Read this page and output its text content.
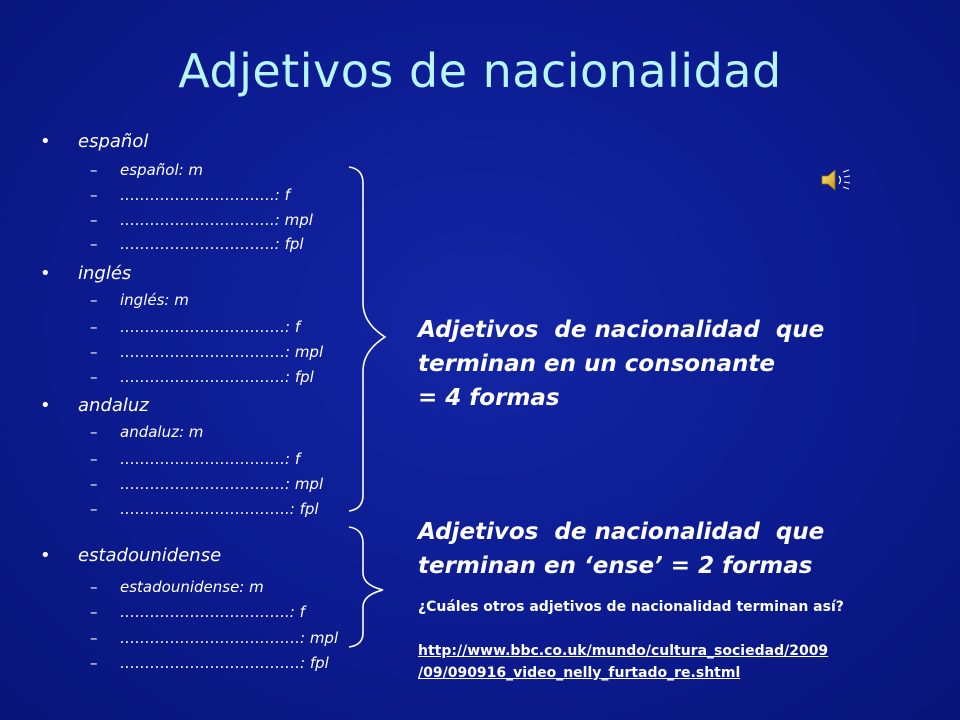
Adjetivos de nacionalidad
• español
– español: m
– ………………………….: f
– ………………………….: mpl
– ………………………….: fpl
• inglés
– inglés: m
– ……………………………: f
– ……………………………: mpl
– ……………………………: fpl
• andaluz
– andaluz: m
– ……………………………: f
– ……………………………: mpl
– …………………………….: fpl
• estadounidense
– estadounidense: m
– …………………………….: f
– ………………………………: mpl
– ………………………………: fpl
Adjetivos  de nacionalidad  que
terminan en un consonante
= 4 formas
Adjetivos  de nacionalidad  que
terminan en ‘ense’ = 2 formas
¿Cuáles otros adjetivos de nacionalidad terminan así?
http://www.bbc.co.uk/mundo/cultura_sociedad/2009
/09/090916_video_nelly_furtado_re.shtml
